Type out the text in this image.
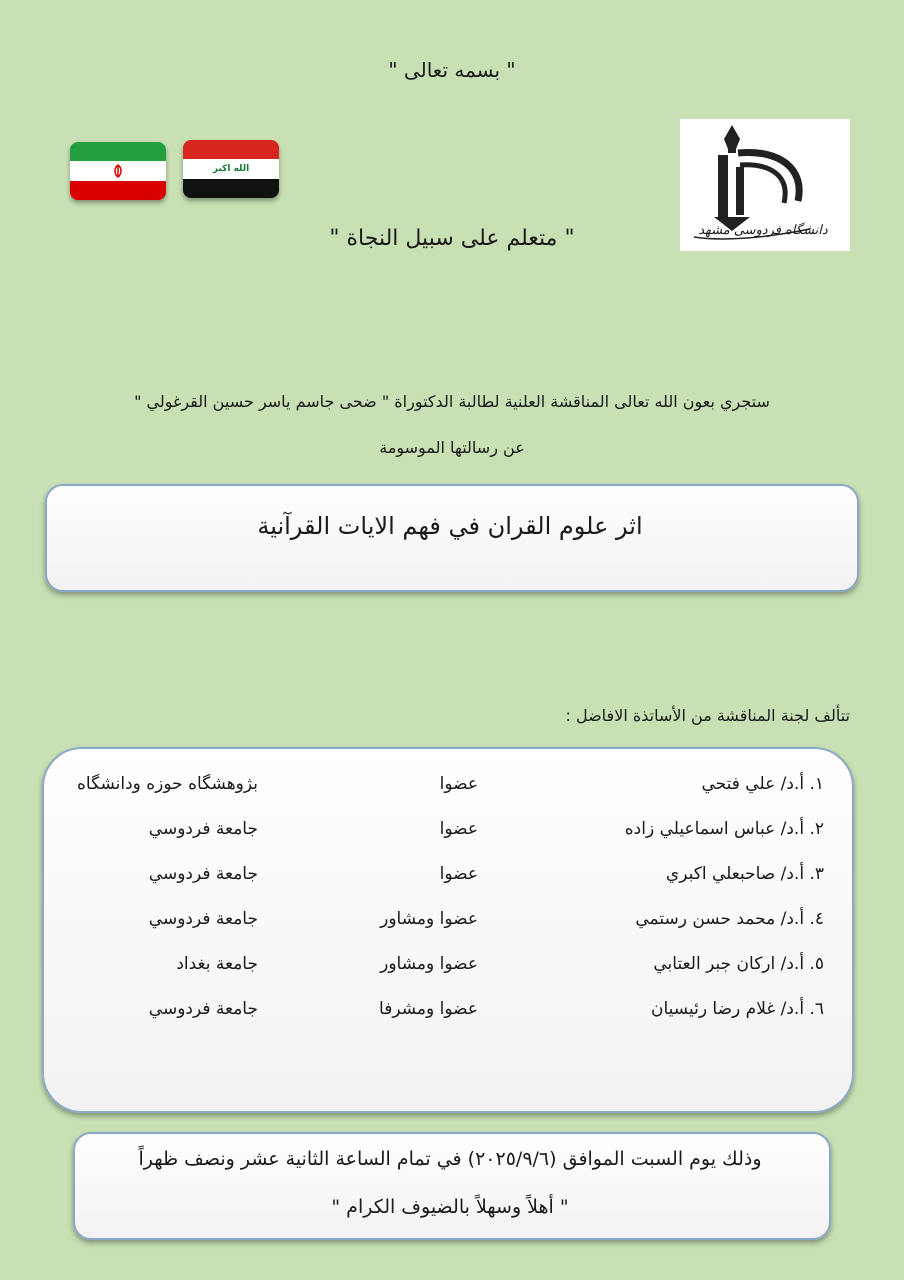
" بسمه تعالی "
الله اكبر
دانشگاه فردوسی مشهد
" متعلم على سبيل النجاة "
ستجري بعون الله تعالى المناقشة العلنية لطالبة الدكتوراة " ضحى جاسم ياسر حسين القرغولي "
عن رسالتها الموسومة
اثر علوم القران في فهم الايات القرآنية
تتألف لجنة المناقشة من الأساتذة الافاضل :
١. أ.د/ علي فتحي
عضوا
بژوهشگاه حوزه ودانشگاه
٢. أ.د/ عباس اسماعيلي زاده
عضوا
جامعة فردوسي
٣. أ.د/ صاحبعلي اكبري
عضوا
جامعة فردوسي
٤. أ.د/ محمد حسن رستمي
عضوا ومشاور
جامعة فردوسي
٥. أ.د/ اركان جبر العتابي
عضوا ومشاور
جامعة بغداد
٦. أ.د/ غلام رضا رئيسيان
عضوا ومشرفا
جامعة فردوسي
وذلك يوم السبت الموافق (٢٠٢٥/٩/٦) في تمام الساعة الثانية عشر ونصف ظهراً
" أهلاً وسهلاً بالضيوف الكرام "
